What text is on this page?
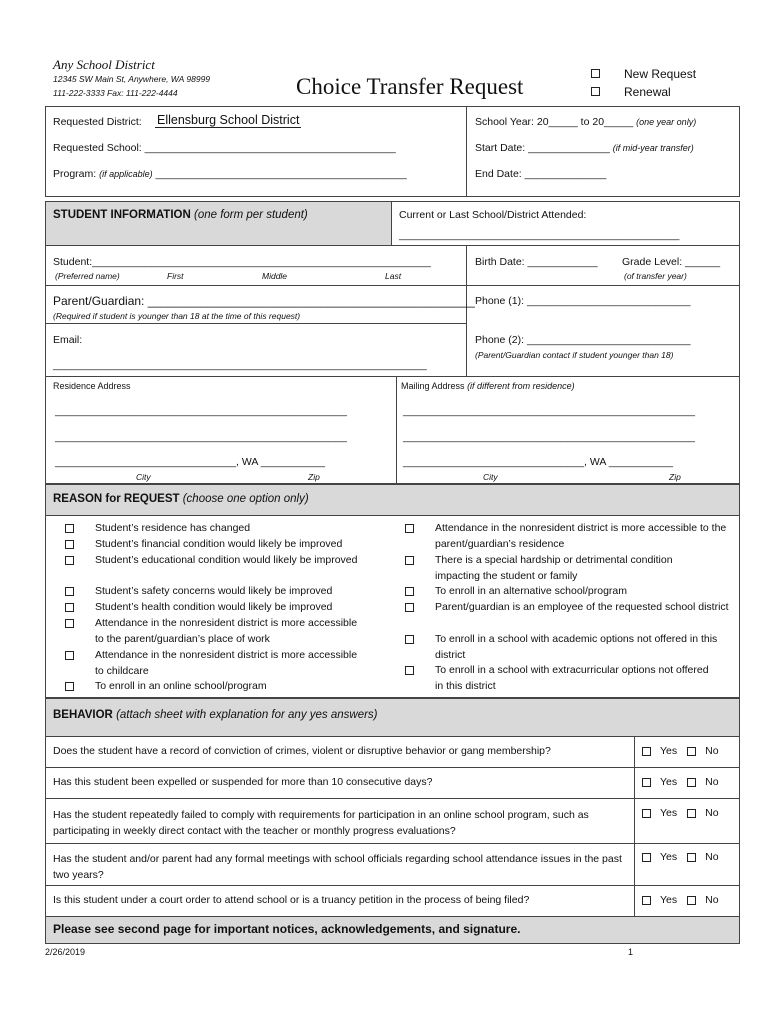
Any School District
12345 SW Main St, Anywhere, WA 98999
111-222-3333 Fax: 111-222-4444	Choice Transfer Request	New Request
Renewal
Requested District: Ellensburg School District
Requested School: ___________________________________________
Program: (if applicable) ___________________________________________
School Year: 20_____ to 20_____ (one year only)
Start Date: ______________ (if mid-year transfer)
End Date: ______________
STUDENT INFORMATION (one form per student)	Current or Last School/District Attended:
________________________________________________
Student:__________________________________________________________
(Preferred name)	First	Middle	Last
Birth Date: ____________ Grade Level: ______
(of transfer year)
Parent/Guardian: _________________________________________________
(Required if student is younger than 18 at the time of this request)
Phone (1): ____________________________
Email:
________________________________________________________________
Phone (2): ____________________________
(Parent/Guardian contact if student younger than 18)
Residence Address	Mailing Address (if different from residence)
__________________________________________________
__________________________________________________
_______________________________, WA ___________
City	Zip
__________________________________________________
__________________________________________________
_______________________________, WA ___________
City	Zip
REASON for REQUEST (choose one option only)
Student’s residence has changed
Student’s financial condition would likely be improved
Student’s educational condition would likely be improved
Student’s safety concerns would likely be improved
Student’s health condition would likely be improved
Attendance in the nonresident district is more accessible to the parent/guardian’s place of work
Attendance in the nonresident district is more accessible to childcare
To enroll in an online school/program
Attendance in the nonresident district is more accessible to the parent/guardian’s residence
There is a special hardship or detrimental condition impacting the student or family
To enroll in an alternative school/program
Parent/guardian is an employee of the requested school district
To enroll in a school with academic options not offered in this district
To enroll in a school with extracurricular options not offered in this district
BEHAVIOR (attach sheet with explanation for any yes answers)
Does the student have a record of conviction of crimes, violent or disruptive behavior or gang membership?	Yes	No
Has this student been expelled or suspended for more than 10 consecutive days?	Yes	No
Has the student repeatedly failed to comply with requirements for participation in an online school program, such as participating in weekly direct contact with the teacher or monthly progress evaluations?
Yes	No
Has the student and/or parent had any formal meetings with school officials regarding school attendance issues in the past two years?
Yes	No
Is this student under a court order to attend school or is a truancy petition in the process of being filed?	Yes	No
Please see second page for important notices, acknowledgements, and signature.
2/26/2019	1
